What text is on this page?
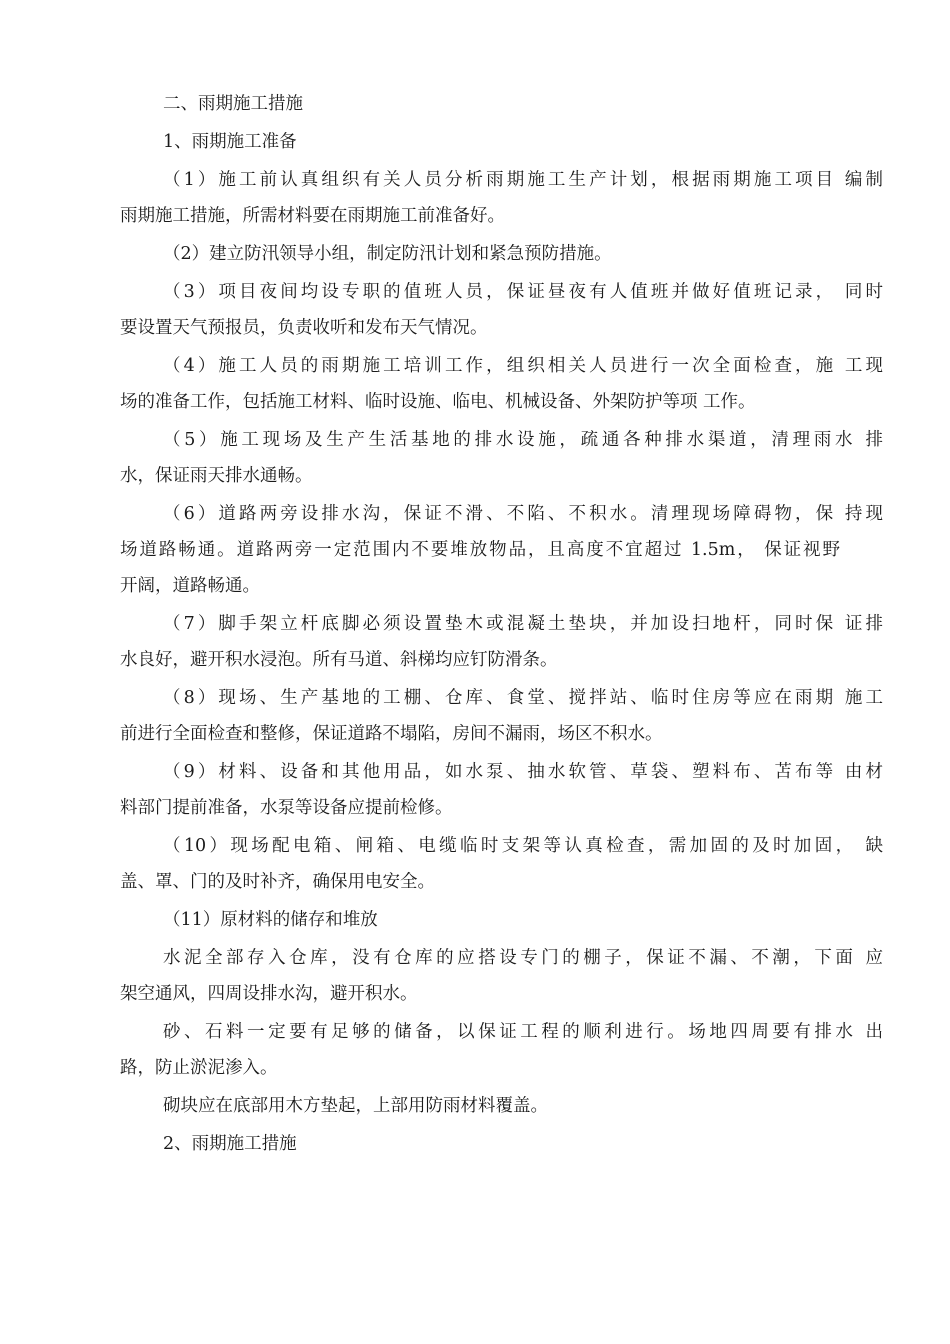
二、雨期施工措施
1、雨期施工准备
（1）施工前认真组织有关人员分析雨期施工生产计划，根据雨期施工项目 编制
雨期施工措施，所需材料要在雨期施工前准备好。
（2）建立防汛领导小组，制定防汛计划和紧急预防措施。
（3）项目夜间均设专职的值班人员，保证昼夜有人值班并做好值班记录， 同时
要设置天气预报员，负责收听和发布天气情况。
（4）施工人员的雨期施工培训工作，组织相关人员进行一次全面检查，施 工现
场的准备工作，包括施工材料、临时设施、临电、机械设备、外架防护等项 工作。
（5）施工现场及生产生活基地的排水设施，疏通各种排水渠道，清理雨水 排
水，保证雨天排水通畅。
（6）道路两旁设排水沟，保证不滑、不陷、不积水。清理现场障碍物，保 持现
场道路畅通。道路两旁一定范围内不要堆放物品，且高度不宜超过 1.5m， 保证视野
开阔，道路畅通。
（7）脚手架立杆底脚必须设置垫木或混凝土垫块，并加设扫地杆，同时保 证排
水良好，避开积水浸泡。所有马道、斜梯均应钉防滑条。
（8）现场、生产基地的工棚、仓库、食堂、搅拌站、临时住房等应在雨期 施工
前进行全面检查和整修，保证道路不塌陷，房间不漏雨，场区不积水。
（9）材料、设备和其他用品，如水泵、抽水软管、草袋、塑料布、苫布等 由材
料部门提前准备，水泵等设备应提前检修。
（10）现场配电箱、闸箱、电缆临时支架等认真检查，需加固的及时加固， 缺
盖、罩、门的及时补齐，确保用电安全。
（11）原材料的储存和堆放
水泥全部存入仓库，没有仓库的应搭设专门的棚子，保证不漏、不潮，下面 应
架空通风，四周设排水沟，避开积水。
砂、石料一定要有足够的储备，以保证工程的顺利进行。场地四周要有排水 出
路，防止淤泥渗入。
砌块应在底部用木方垫起，上部用防雨材料覆盖。
2、雨期施工措施
